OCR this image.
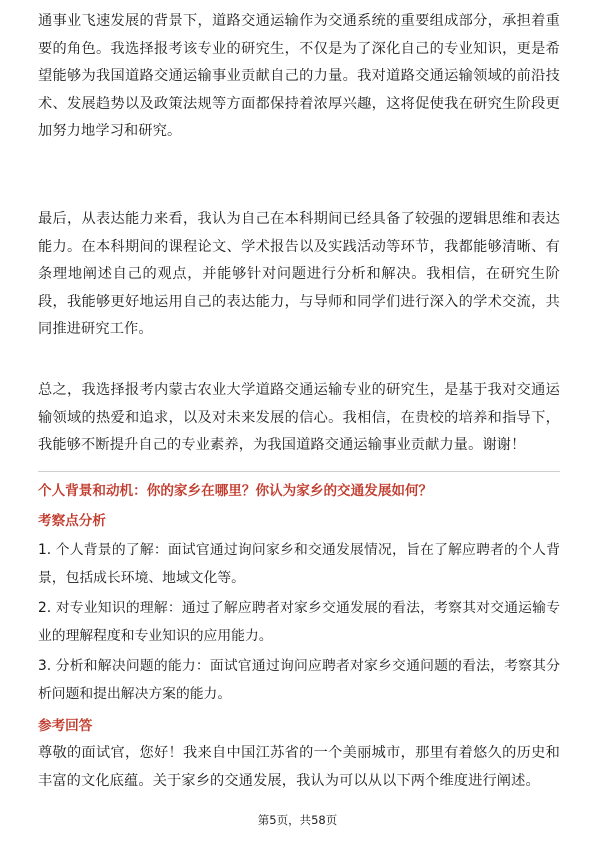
通事业飞速发展的背景下，道路交通运输作为交通系统的重要组成部分，承担着重要的角色。我选择报考该专业的研究生，不仅是为了深化自己的专业知识，更是希望能够为我国道路交通运输事业贡献自己的力量。我对道路交通运输领域的前沿技术、发展趋势以及政策法规等方面都保持着浓厚兴趣，这将促使我在研究生阶段更加努力地学习和研究。

最后，从表达能力来看，我认为自己在本科期间已经具备了较强的逻辑思维和表达能力。在本科期间的课程论文、学术报告以及实践活动等环节，我都能够清晰、有条理地阐述自己的观点，并能够针对问题进行分析和解决。我相信，在研究生阶段，我能够更好地运用自己的表达能力，与导师和同学们进行深入的学术交流，共同推进研究工作。

总之，我选择报考内蒙古农业大学道路交通运输专业的研究生，是基于我对交通运输领域的热爱和追求，以及对未来发展的信心。我相信，在贵校的培养和指导下，我能够不断提升自己的专业素养，为我国道路交通运输事业贡献力量。谢谢！

个人背景和动机：你的家乡在哪里？你认为家乡的交通发展如何？
考察点分析
1. 个人背景的了解：面试官通过询问家乡和交通发展情况，旨在了解应聘者的个人背景，包括成长环境、地域文化等。
2. 对专业知识的理解：通过了解应聘者对家乡交通发展的看法，考察其对交通运输专业的理解程度和专业知识的应用能力。
3. 分析和解决问题的能力：面试官通过询问应聘者对家乡交通问题的看法，考察其分析问题和提出解决方案的能力。
参考回答

尊敬的面试官，您好！我来自中国江苏省的一个美丽城市，那里有着悠久的历史和丰富的文化底蕴。关于家乡的交通发展，我认为可以从以下两个维度进行阐述。

第5页，共58页
